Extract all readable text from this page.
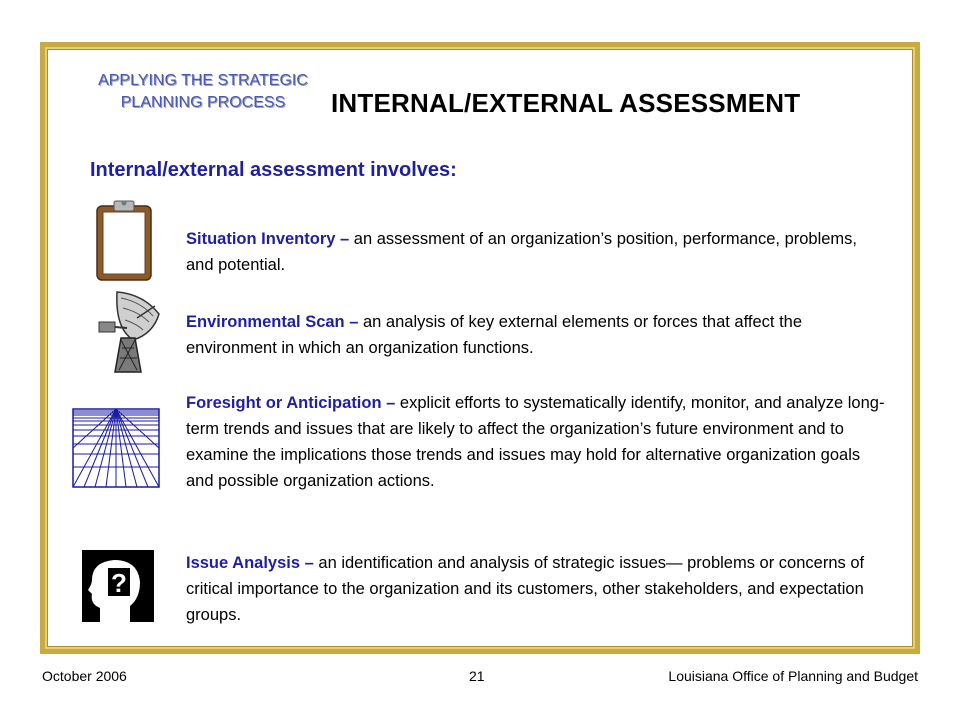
APPLYING THE STRATEGIC
PLANNING PROCESS	INTERNAL/EXTERNAL ASSESSMENT
Internal/external assessment involves:
?
Situation Inventory – an assessment of an organization’s position, performance, problems, and potential.
Environmental Scan – an analysis of key external elements or forces that affect the environment in which an organization functions.
Foresight or Anticipation – explicit efforts to systematically identify, monitor, and analyze long-term trends and issues that are likely to affect the organization’s future environment and to examine the implications those trends and issues may hold for alternative organization goals and possible organization actions.
Issue Analysis – an identification and analysis of strategic issues— problems or concerns of critical importance to the organization and its customers, other stakeholders, and expectation groups.
October 2006	21	Louisiana Office of Planning and Budget
